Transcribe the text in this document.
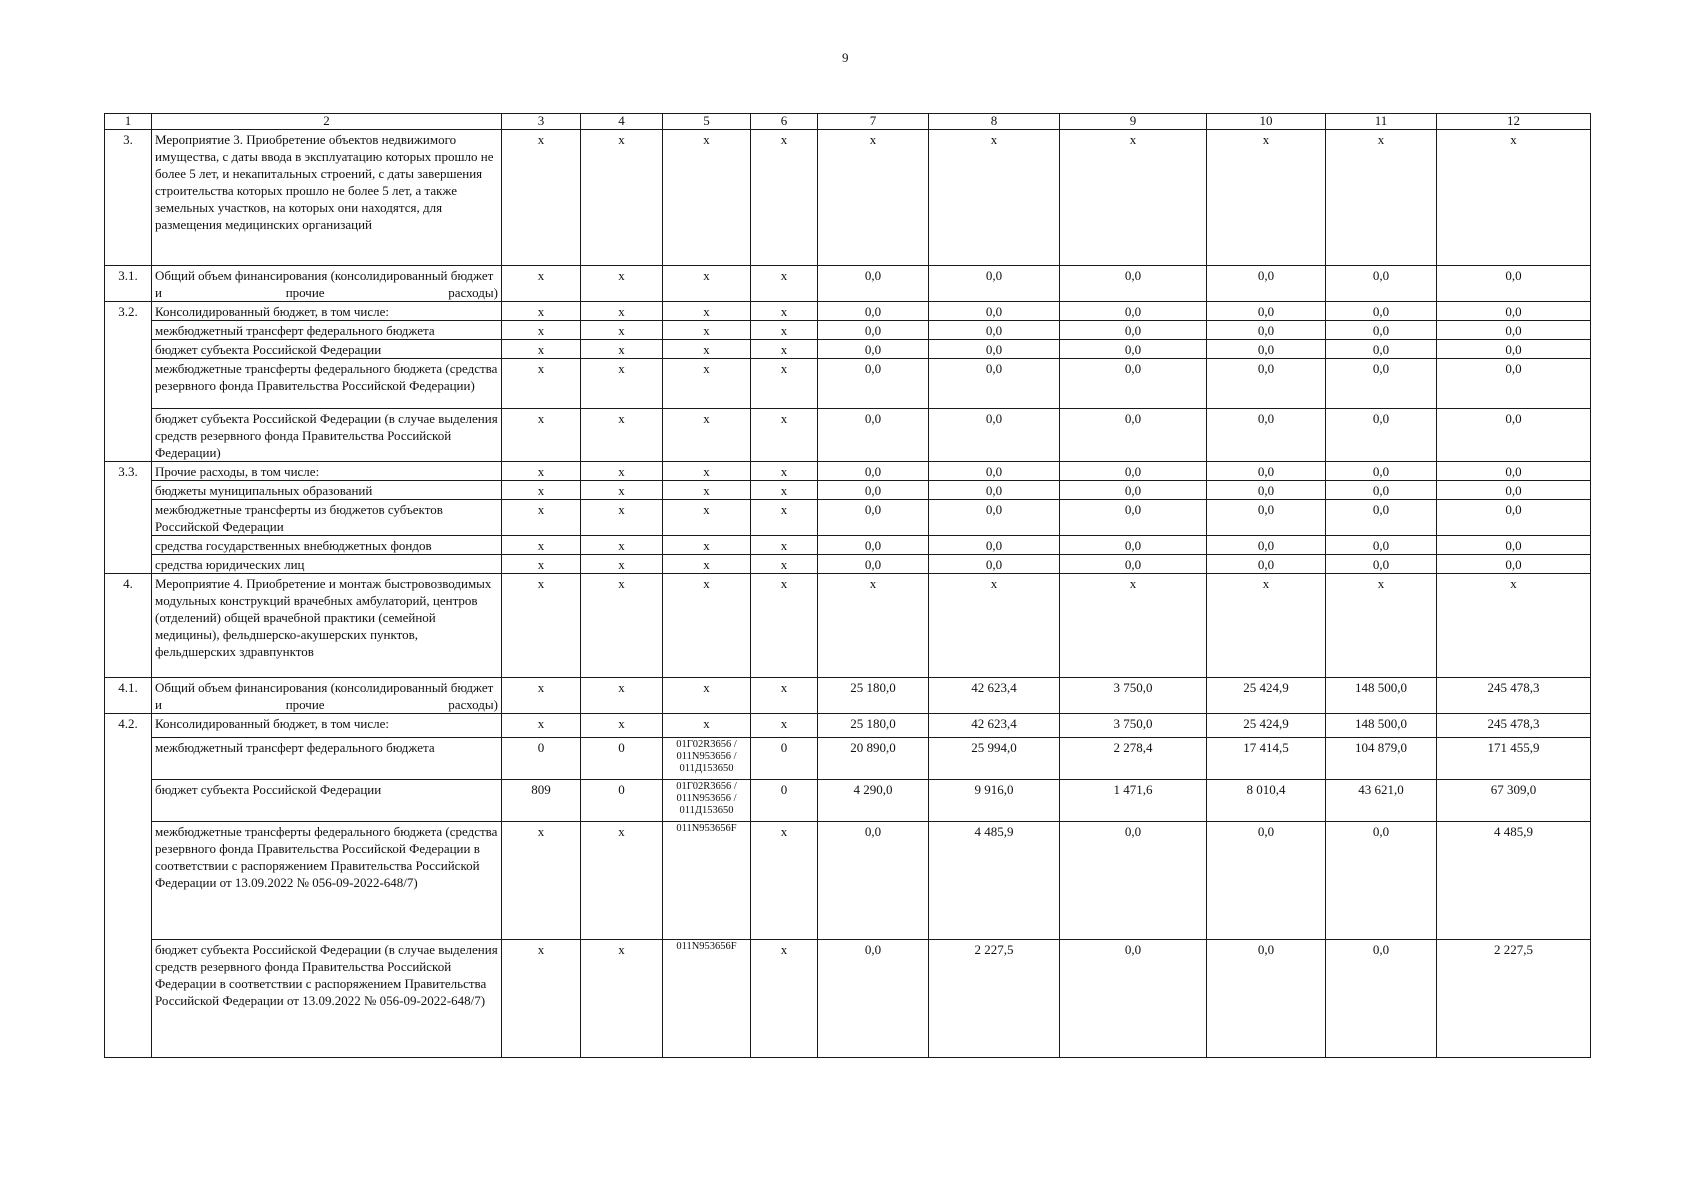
9
1	2	3	4	5	6	7	8	9	10	11	12
3.	Мероприятие 3. Приобретение объектов недвижимого имущества, с даты ввода в эксплуатацию которых прошло не более 5 лет, и некапитальных строений, с даты завершения строительства которых прошло не более 5 лет, а также земельных участков, на которых они находятся, для размещения медицинских организаций	x	x	x	x	x	x	x	x	x	x
3.1.	Общий объем финансирования (консолидированный бюджет и прочие расходы)	x	x	x	x	0,0	0,0	0,0	0,0	0,0	0,0
3.2.	Консолидированный бюджет, в том числе:	x	x	x	x	0,0	0,0	0,0	0,0	0,0	0,0
	межбюджетный трансферт федерального бюджета	x	x	x	x	0,0	0,0	0,0	0,0	0,0	0,0
	бюджет субъекта Российской Федерации	x	x	x	x	0,0	0,0	0,0	0,0	0,0	0,0
	межбюджетные трансферты федерального бюджета (средства резервного фонда Правительства Российской Федерации)	x	x	x	x	0,0	0,0	0,0	0,0	0,0	0,0
	бюджет субъекта Российской Федерации (в случае выделения средств резервного фонда Правительства Российской Федерации)	x	x	x	x	0,0	0,0	0,0	0,0	0,0	0,0
3.3.	Прочие расходы, в том числе:	x	x	x	x	0,0	0,0	0,0	0,0	0,0	0,0
	бюджеты муниципальных образований	x	x	x	x	0,0	0,0	0,0	0,0	0,0	0,0
	межбюджетные трансферты из бюджетов субъектов Российской Федерации	x	x	x	x	0,0	0,0	0,0	0,0	0,0	0,0
	средства государственных внебюджетных фондов	x	x	x	x	0,0	0,0	0,0	0,0	0,0	0,0
	средства юридических лиц	x	x	x	x	0,0	0,0	0,0	0,0	0,0	0,0
4.	Мероприятие 4. Приобретение и монтаж быстровозводимых модульных конструкций врачебных амбулаторий, центров (отделений) общей врачебной практики (семейной медицины), фельдшерско-акушерских пунктов, фельдшерских здравпунктов	x	x	x	x	x	x	x	x	x	x
4.1.	Общий объем финансирования (консолидированный бюджет и прочие расходы)	x	x	x	x	25 180,0	42 623,4	3 750,0	25 424,9	148 500,0	245 478,3
4.2.	Консолидированный бюджет, в том числе:	x	x	x	x	25 180,0	42 623,4	3 750,0	25 424,9	148 500,0	245 478,3
	межбюджетный трансферт федерального бюджета	0	0	01Г02R3656 / 011N953656 / 011Д153650	0	20 890,0	25 994,0	2 278,4	17 414,5	104 879,0	171 455,9
	бюджет субъекта Российской Федерации	809	0	01Г02R3656 / 011N953656 / 011Д153650	0	4 290,0	9 916,0	1 471,6	8 010,4	43 621,0	67 309,0
	межбюджетные трансферты федерального бюджета (средства резервного фонда Правительства Российской Федерации в соответствии с распоряжением Правительства Российской Федерации от 13.09.2022 № 056-09-2022-648/7)	x	x	011N953656F	x	0,0	4 485,9	0,0	0,0	0,0	4 485,9
	бюджет субъекта Российской Федерации (в случае выделения средств резервного фонда Правительства Российской Федерации в соответствии с распоряжением Правительства Российской Федерации от 13.09.2022 № 056-09-2022-648/7)	x	x	011N953656F	x	0,0	2 227,5	0,0	0,0	0,0	2 227,5
